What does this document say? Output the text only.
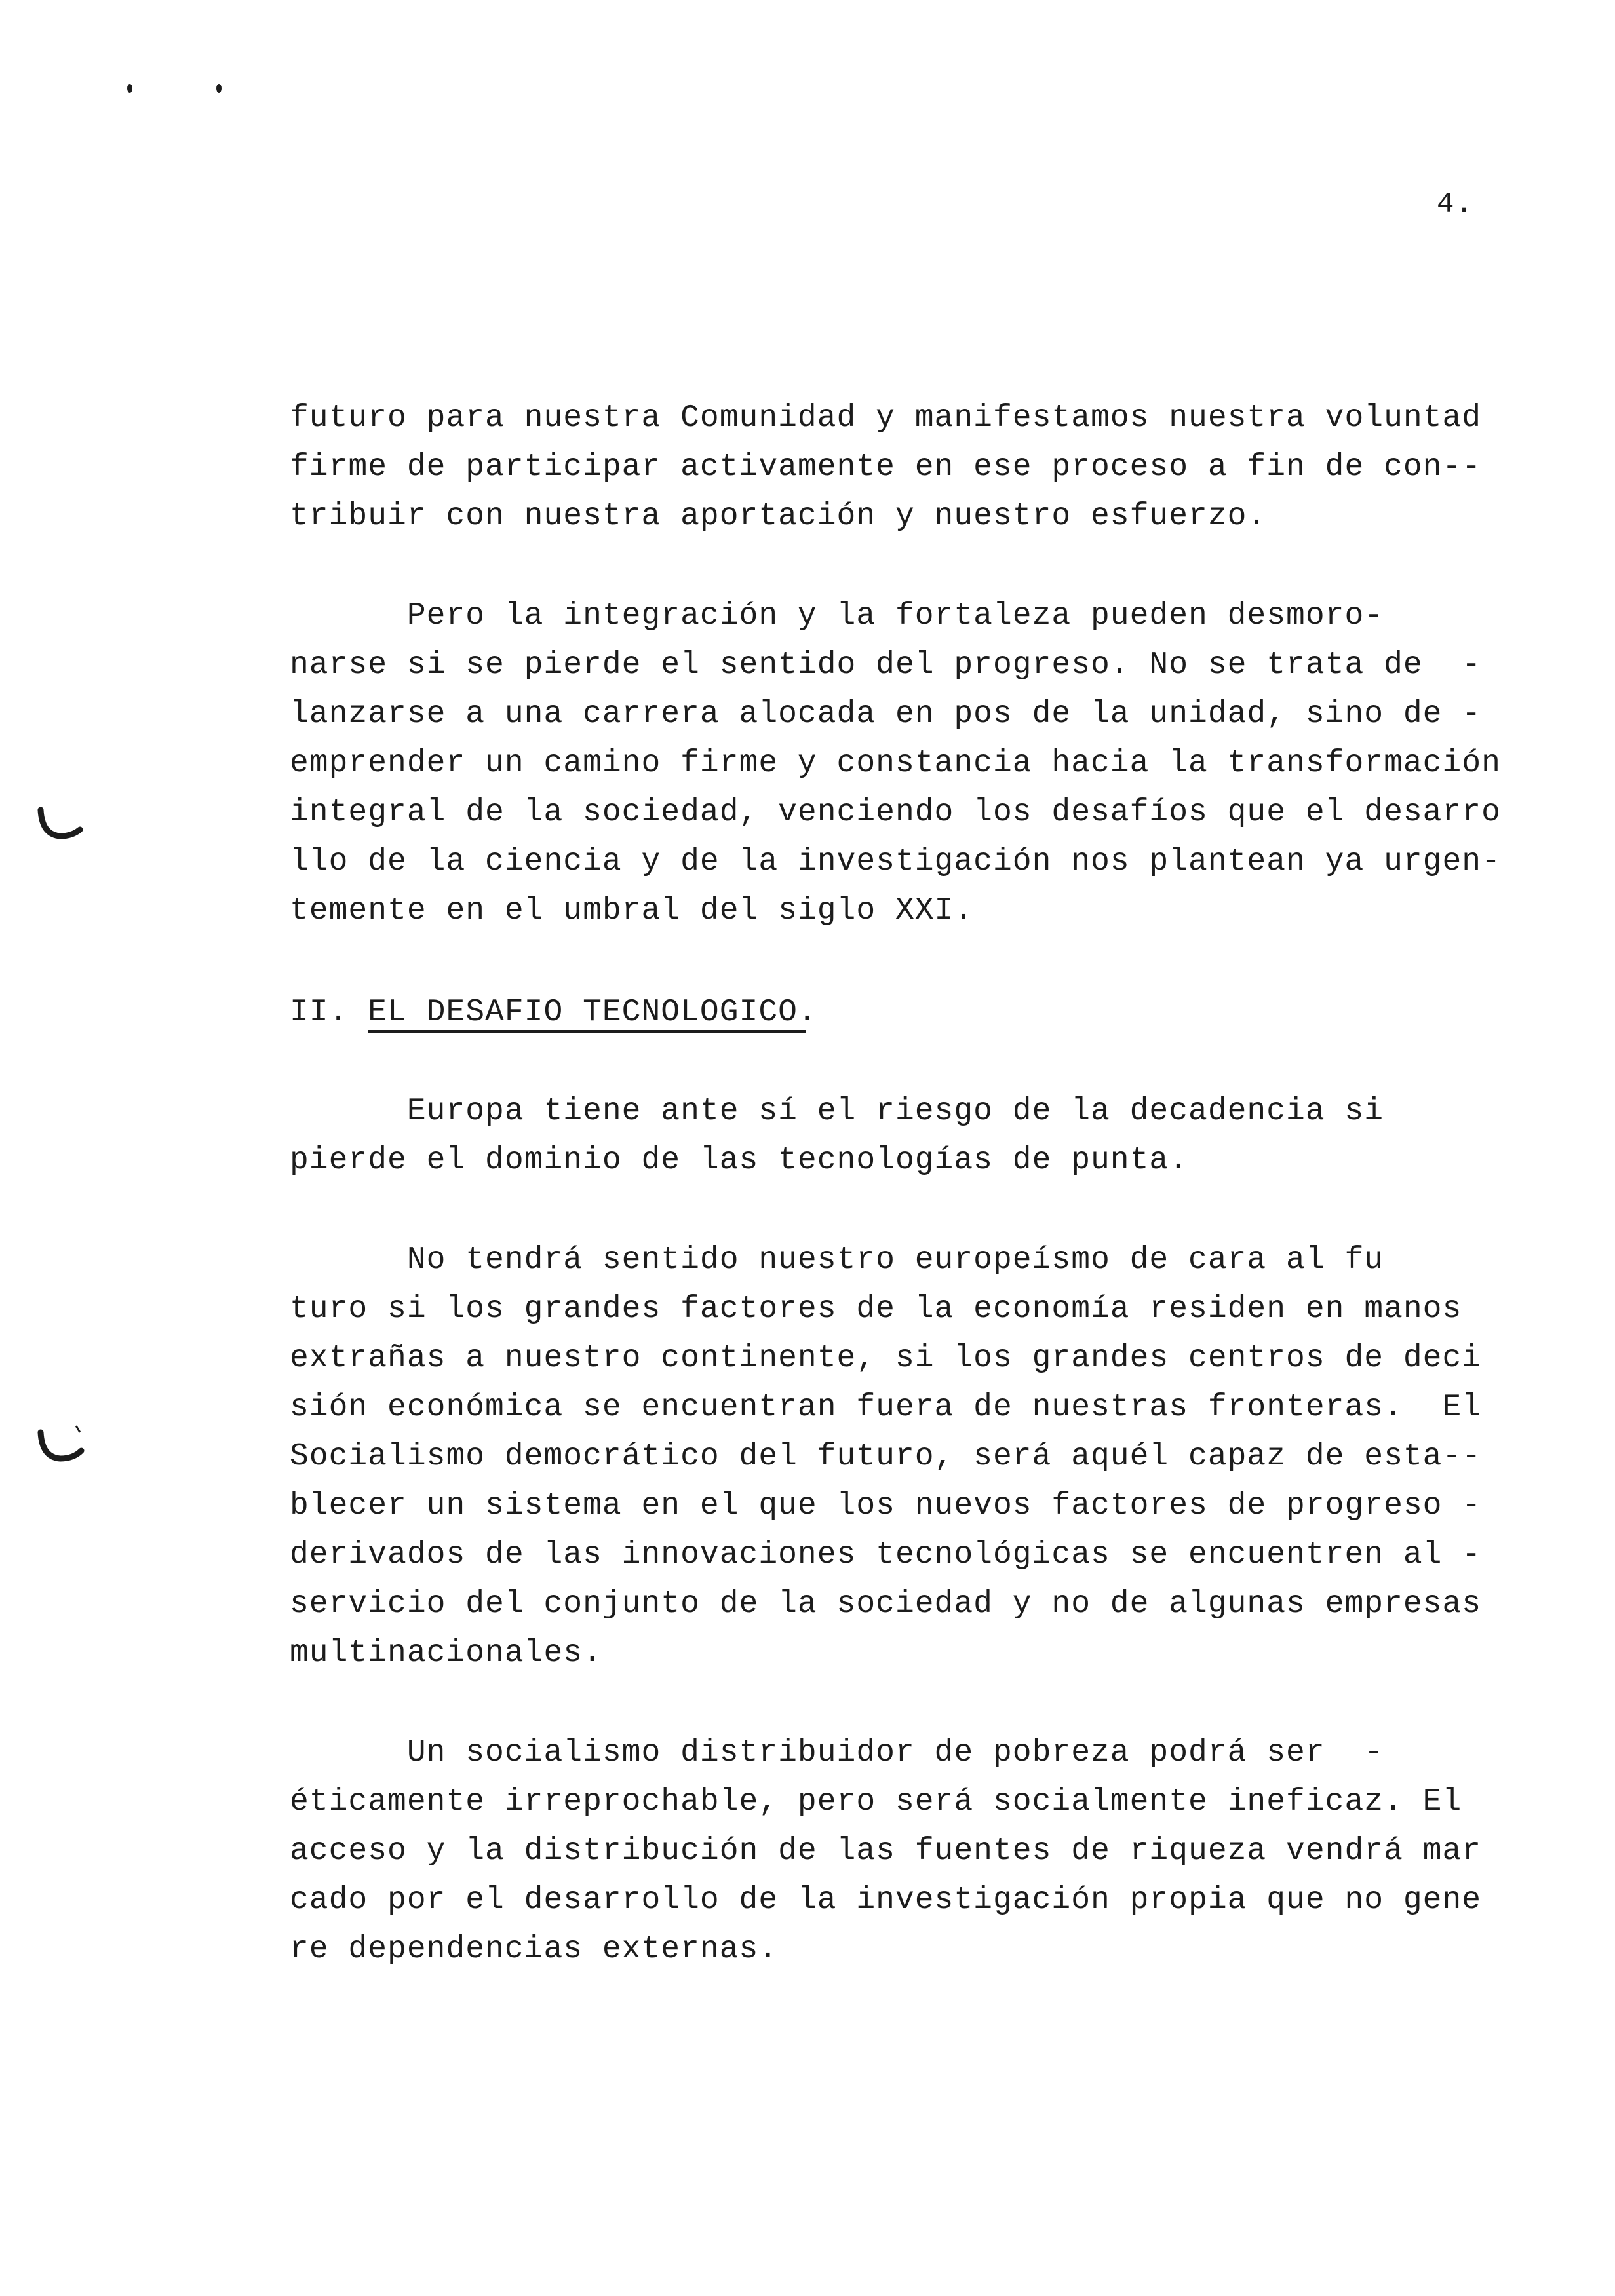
4.
futuro para nuestra Comunidad y manifestamos nuestra voluntad
firme de participar activamente en ese proceso a fin de con--
tribuir con nuestra aportación y nuestro esfuerzo.
Pero la integración y la fortaleza pueden desmoro-
narse si se pierde el sentido del progreso. No se trata de  -
lanzarse a una carrera alocada en pos de la unidad, sino de -
emprender un camino firme y constancia hacia la transformación
integral de la sociedad, venciendo los desafíos que el desarro
llo de la ciencia y de la investigación nos plantean ya urgen-
temente en el umbral del siglo XXI.
II. EL DESAFIO TECNOLOGICO.
Europa tiene ante sí el riesgo de la decadencia si
pierde el dominio de las tecnologías de punta.
No tendrá sentido nuestro europeísmo de cara al fu
turo si los grandes factores de la economía residen en manos
extrañas a nuestro continente, si los grandes centros de deci
sión económica se encuentran fuera de nuestras fronteras.  El
Socialismo democrático del futuro, será aquél capaz de esta--
blecer un sistema en el que los nuevos factores de progreso -
derivados de las innovaciones tecnológicas se encuentren al -
servicio del conjunto de la sociedad y no de algunas empresas
multinacionales.
Un socialismo distribuidor de pobreza podrá ser  -
éticamente irreprochable, pero será socialmente ineficaz. El
acceso y la distribución de las fuentes de riqueza vendrá mar
cado por el desarrollo de la investigación propia que no gene
re dependencias externas.
